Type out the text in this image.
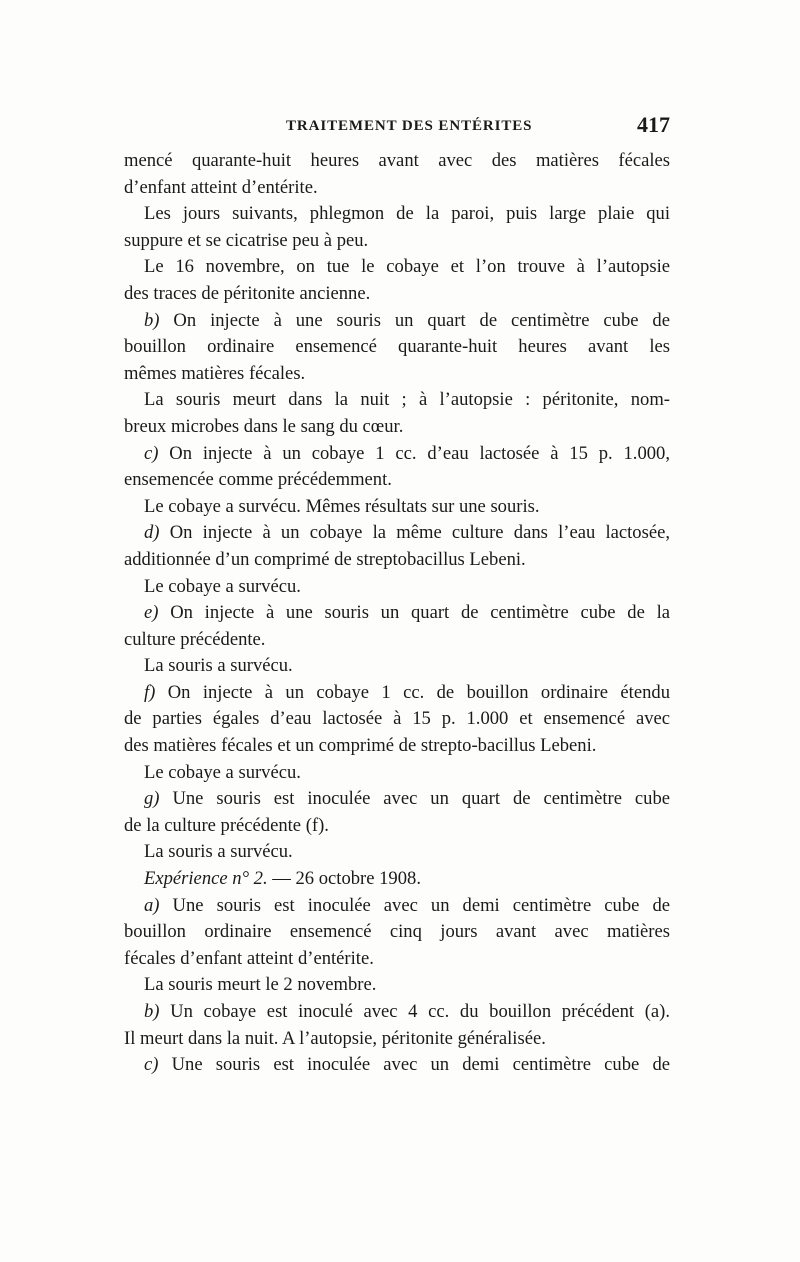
TRAITEMENT DES ENTÉRITES	417
mencé quarante-huit heures avant avec des matières fécales
d’enfant atteint d’entérite.
Les jours suivants, phlegmon de la paroi, puis large plaie qui
suppure et se cicatrise peu à peu.
Le 16 novembre, on tue le cobaye et l’on trouve à l’autopsie
des traces de péritonite ancienne.
b) On injecte à une souris un quart de centimètre cube de
bouillon ordinaire ensemencé quarante-huit heures avant les
mêmes matières fécales.
La souris meurt dans la nuit ; à l’autopsie : péritonite, nom-
breux microbes dans le sang du cœur.
c) On injecte à un cobaye 1 cc. d’eau lactosée à 15 p. 1.000,
ensemencée comme précédemment.
Le cobaye a survécu. Mêmes résultats sur une souris.
d) On injecte à un cobaye la même culture dans l’eau lactosée,
additionnée d’un comprimé de streptobacillus Lebeni.
Le cobaye a survécu.
e) On injecte à une souris un quart de centimètre cube de la
culture précédente.
La souris a survécu.
f) On injecte à un cobaye 1 cc. de bouillon ordinaire étendu
de parties égales d’eau lactosée à 15 p. 1.000 et ensemencé avec
des matières fécales et un comprimé de strepto-bacillus Lebeni.
Le cobaye a survécu.
g) Une souris est inoculée avec un quart de centimètre cube
de la culture précédente (f).
La souris a survécu.
Expérience n° 2. — 26 octobre 1908.
a) Une souris est inoculée avec un demi centimètre cube de
bouillon ordinaire ensemencé cinq jours avant avec matières
fécales d’enfant atteint d’entérite.
La souris meurt le 2 novembre.
b) Un cobaye est inoculé avec 4 cc. du bouillon précédent (a).
Il meurt dans la nuit. A l’autopsie, péritonite généralisée.
c) Une souris est inoculée avec un demi centimètre cube de
